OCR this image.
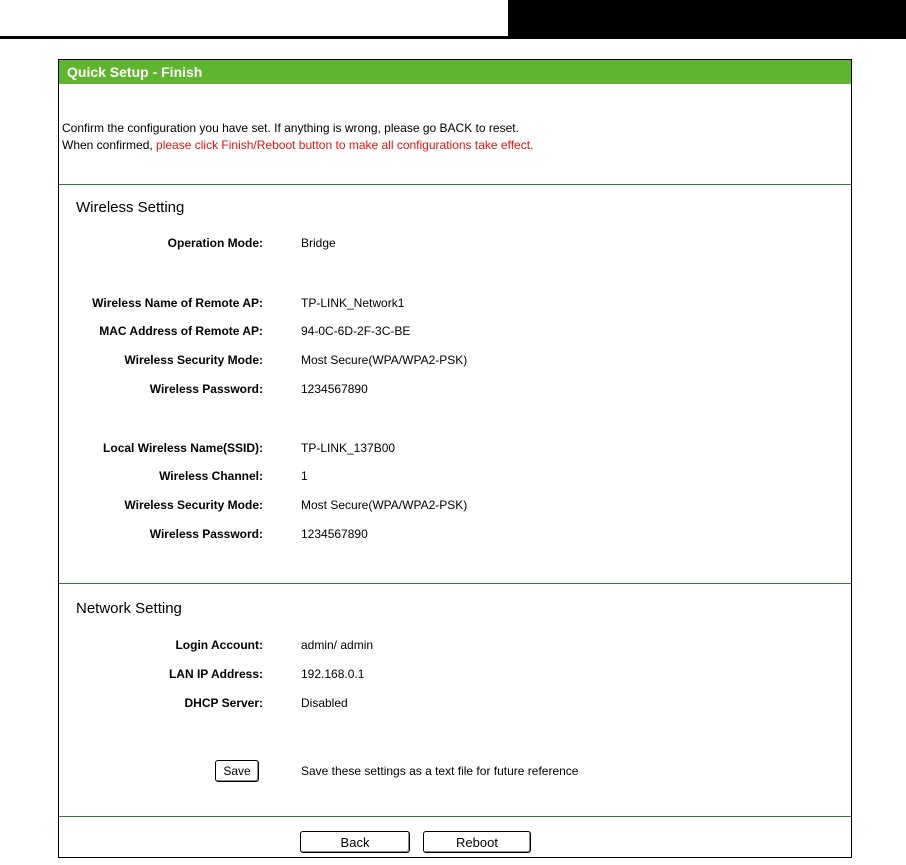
Quick Setup - Finish
Confirm the configuration you have set. If anything is wrong, please go BACK to reset.
When confirmed, please click Finish/Reboot button to make all configurations take effect.
Wireless Setting
Operation Mode:	Bridge
Wireless Name of Remote AP:	TP-LINK_Network1
MAC Address of Remote AP:	94-0C-6D-2F-3C-BE
Wireless Security Mode:	Most Secure(WPA/WPA2-PSK)
Wireless Password:	1234567890
Local Wireless Name(SSID):	TP-LINK_137B00
Wireless Channel:	1
Wireless Security Mode:	Most Secure(WPA/WPA2-PSK)
Wireless Password:	1234567890
Network Setting
Login Account:	admin/ admin
LAN IP Address:	192.168.0.1
DHCP Server:	Disabled
Save	Save these settings as a text file for future reference
Back	Reboot
